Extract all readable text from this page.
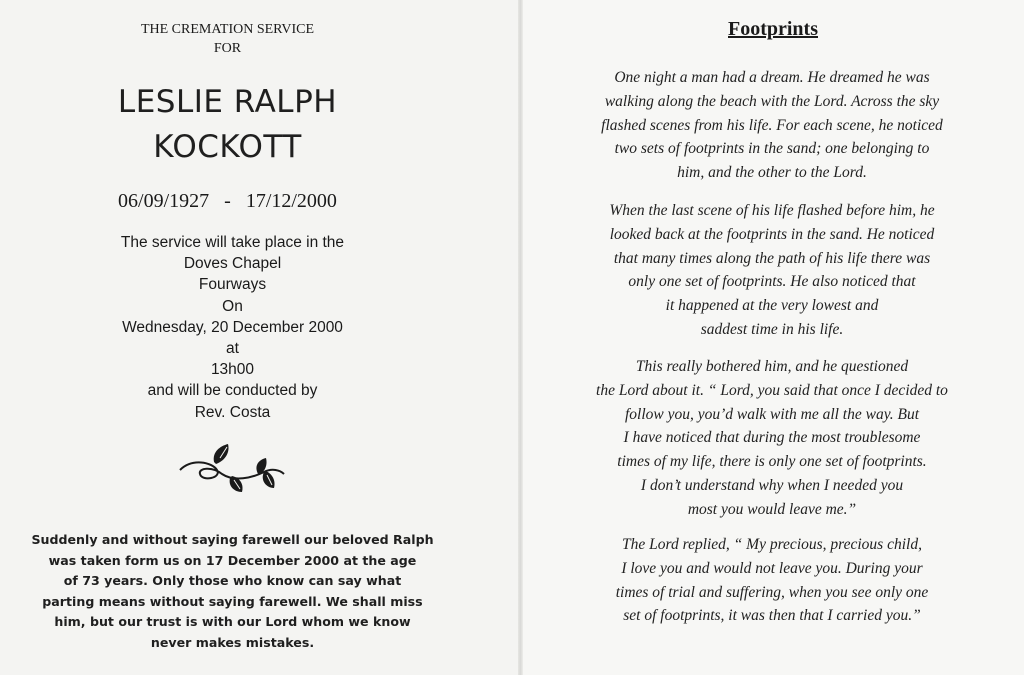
THE CREMATION SERVICE
FOR
LESLIE RALPH
KOCKOTT
06/09/1927   -   17/12/2000
The service will take place in the
Doves Chapel
Fourways
On
Wednesday, 20 December 2000
at
13h00
and will be conducted by
Rev. Costa
Suddenly and without saying farewell our beloved Ralph
was taken form us on 17 December 2000 at the age
of 73 years. Only those who know can say what
parting means without saying farewell. We shall miss
him, but our trust is with our Lord whom we know
never makes mistakes.
Footprints
One night a man had a dream. He dreamed he was
walking along the beach with the Lord. Across the sky
flashed scenes from his life. For each scene, he noticed
two sets of footprints in the sand; one belonging to
him, and the other to the Lord.
When the last scene of his life flashed before him, he
looked back at the footprints in the sand. He noticed
that many times along the path of his life there was
only one set of footprints. He also noticed that
it happened at the very lowest and
saddest time in his life.
This really bothered him, and he questioned
the Lord about it. “ Lord, you said that once I decided to
follow you, you’d walk with me all the way. But
I have noticed that during the most troublesome
times of my life, there is only one set of footprints.
I don’t understand why when I needed you
most you would leave me.”
The Lord replied, “ My precious, precious child,
I love you and would not leave you. During your
times of trial and suffering, when you see only one
set of footprints, it was then that I carried you.”
